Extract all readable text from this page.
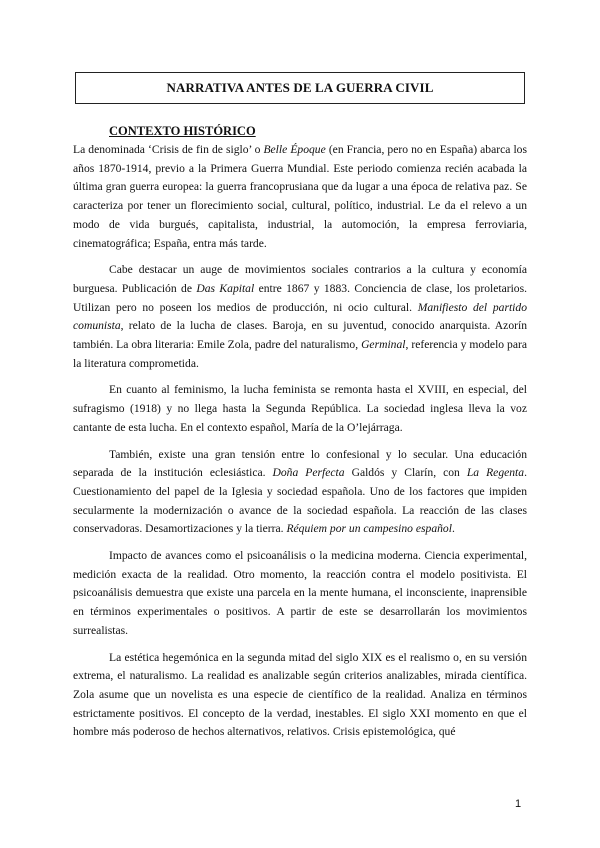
NARRATIVA ANTES DE LA GUERRA CIVIL
CONTEXTO HISTÓRICO

La denominada ‘Crisis de fin de siglo’ o Belle Époque (en Francia, pero no en España) abarca los años 1870-1914, previo a la Primera Guerra Mundial. Este periodo comienza recién acabada la última gran guerra europea: la guerra francoprusiana que da lugar a una época de relativa paz. Se caracteriza por tener un florecimiento social, cultural, político, industrial. Le da el relevo a un modo de vida burgués, capitalista, industrial, la automoción, la empresa ferroviaria, cinematográfica; España, entra más tarde.

Cabe destacar un auge de movimientos sociales contrarios a la cultura y economía burguesa. Publicación de Das Kapital entre 1867 y 1883. Conciencia de clase, los proletarios. Utilizan pero no poseen los medios de producción, ni ocio cultural. Manifiesto del partido comunista, relato de la lucha de clases. Baroja, en su juventud, conocido anarquista. Azorín también. La obra literaria: Emile Zola, padre del naturalismo, Germinal, referencia y modelo para la literatura comprometida.

En cuanto al feminismo, la lucha feminista se remonta hasta el XVIII, en especial, del sufragismo (1918) y no llega hasta la Segunda República. La sociedad inglesa lleva la voz cantante de esta lucha. En el contexto español, María de la O’lejárraga.

También, existe una gran tensión entre lo confesional y lo secular. Una educación separada de la institución eclesiástica. Doña Perfecta Galdós y Clarín, con La Regenta. Cuestionamiento del papel de la Iglesia y sociedad española. Uno de los factores que impiden secularmente la modernización o avance de la sociedad española. La reacción de las clases conservadoras. Desamortizaciones y la tierra. Réquiem por un campesino español.

Impacto de avances como el psicoanálisis o la medicina moderna. Ciencia experimental, medición exacta de la realidad. Otro momento, la reacción contra el modelo positivista. El psicoanálisis demuestra que existe una parcela en la mente humana, el inconsciente, inaprensible en términos experimentales o positivos. A partir de este se desarrollarán los movimientos surrealistas.

La estética hegemónica en la segunda mitad del siglo XIX es el realismo o, en su versión extrema, el naturalismo. La realidad es analizable según criterios analizables, mirada científica. Zola asume que un novelista es una especie de científico de la realidad. Analiza en términos estrictamente positivos. El concepto de la verdad, inestables. El siglo XXI momento en que el hombre más poderoso de hechos alternativos, relativos. Crisis epistemológica, qué

1
